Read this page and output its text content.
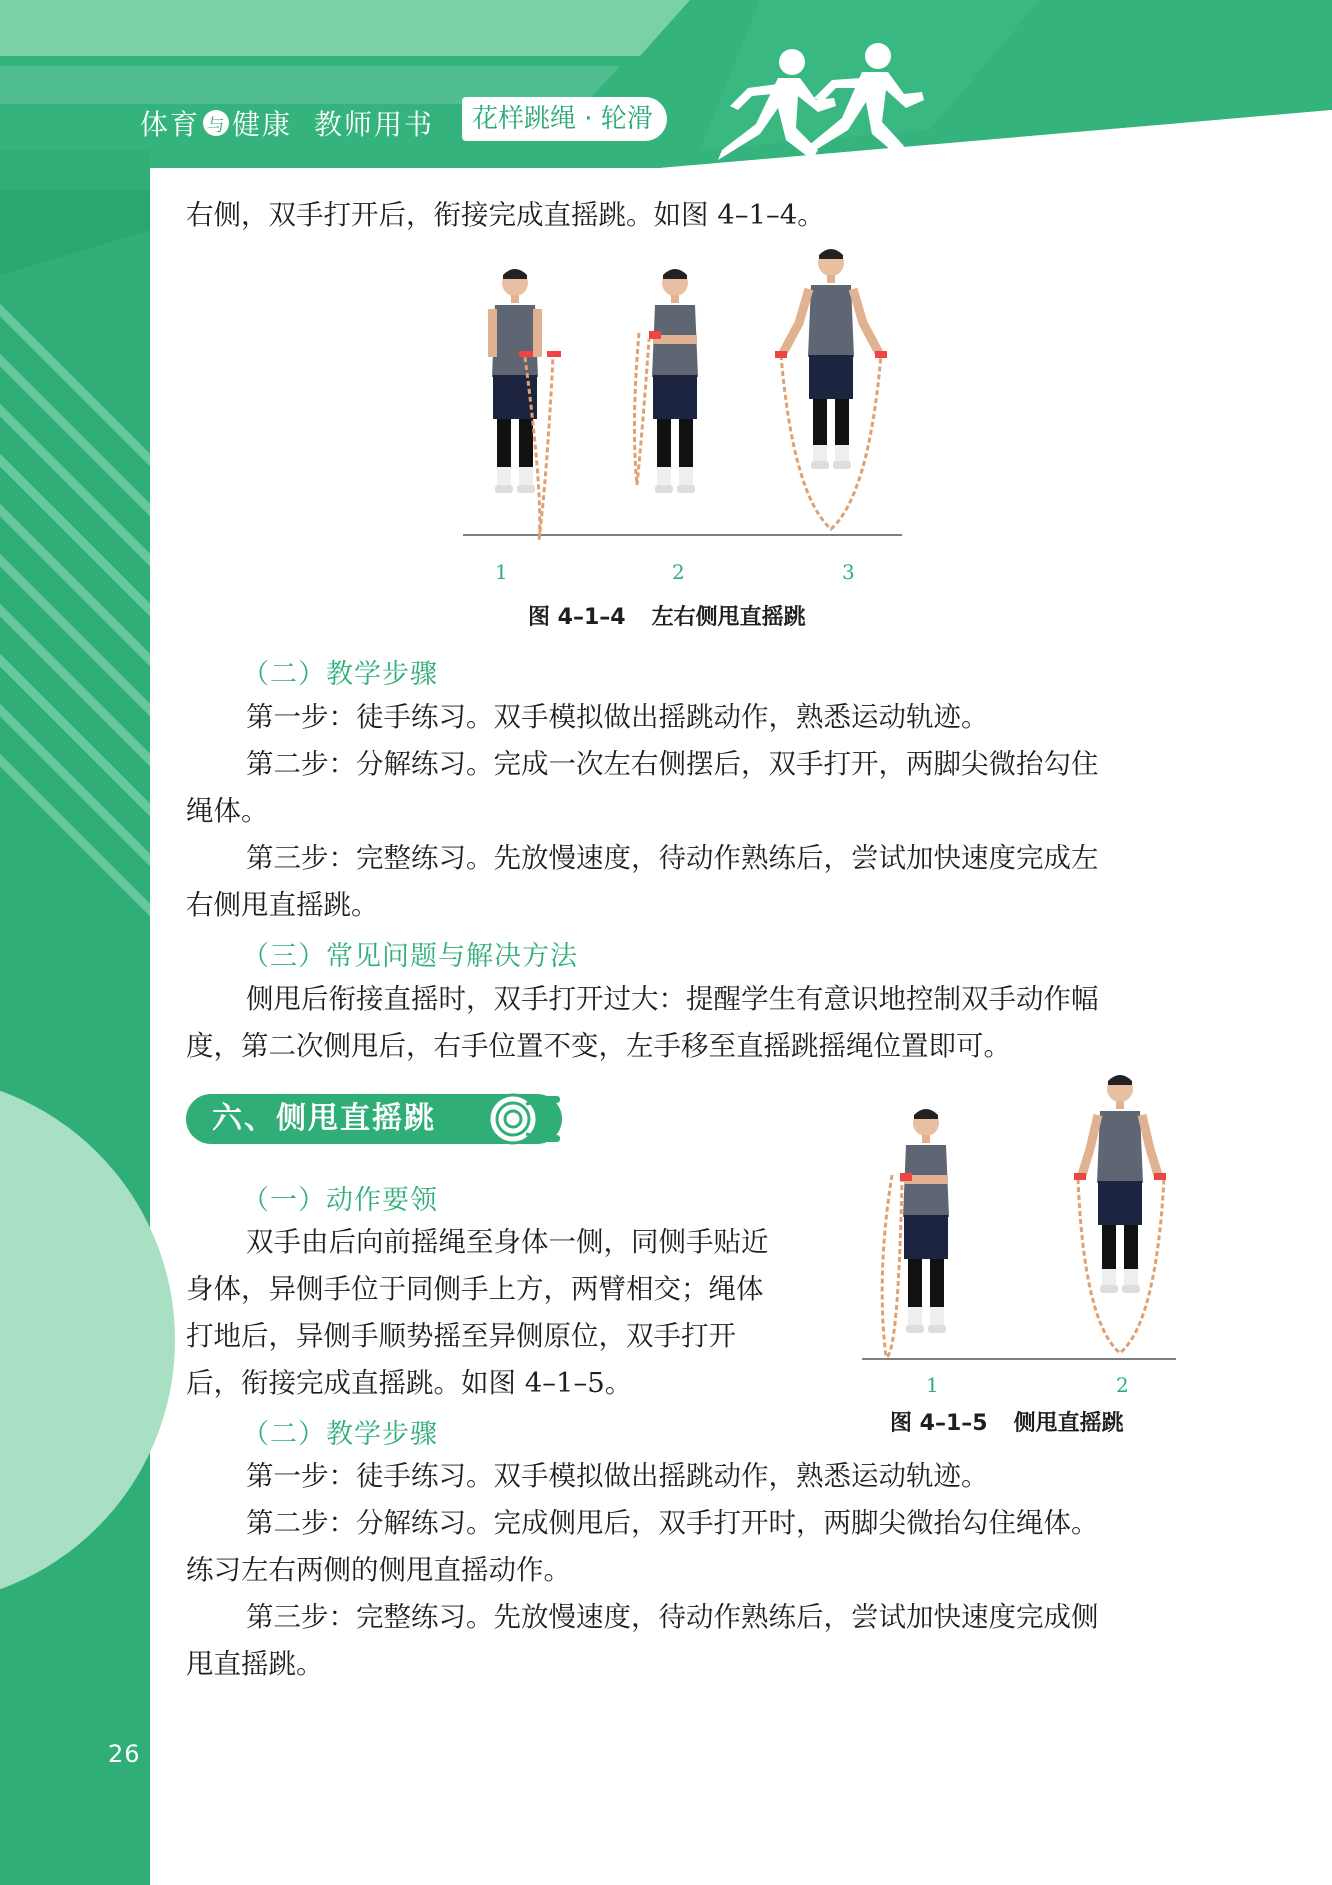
体育 与 健康 教师用书	花样跳绳 · 轮滑
右侧，双手打开后，衔接完成直摇跳。如图 4–1–4。
1	2	3
图 4–1–4 左右侧甩直摇跳
（二）教学步骤
第一步：徒手练习。双手模拟做出摇跳动作，熟悉运动轨迹。
第二步：分解练习。完成一次左右侧摆后，双手打开，两脚尖微抬勾住
绳体。
第三步：完整练习。先放慢速度，待动作熟练后，尝试加快速度完成左
右侧甩直摇跳。
（三）常见问题与解决方法
侧甩后衔接直摇时，双手打开过大：提醒学生有意识地控制双手动作幅
度，第二次侧甩后，右手位置不变，左手移至直摇跳摇绳位置即可。
六、侧甩直摇跳
（一）动作要领
双手由后向前摇绳至身体一侧，同侧手贴近
身体，异侧手位于同侧手上方，两臂相交；绳体
打地后，异侧手顺势摇至异侧原位，双手打开
后，衔接完成直摇跳。如图 4–1–5。	1	2
图 4–1–5 侧甩直摇跳
（二）教学步骤
第一步：徒手练习。双手模拟做出摇跳动作，熟悉运动轨迹。
第二步：分解练习。完成侧甩后，双手打开时，两脚尖微抬勾住绳体。
练习左右两侧的侧甩直摇动作。
第三步：完整练习。先放慢速度，待动作熟练后，尝试加快速度完成侧
甩直摇跳。
26
